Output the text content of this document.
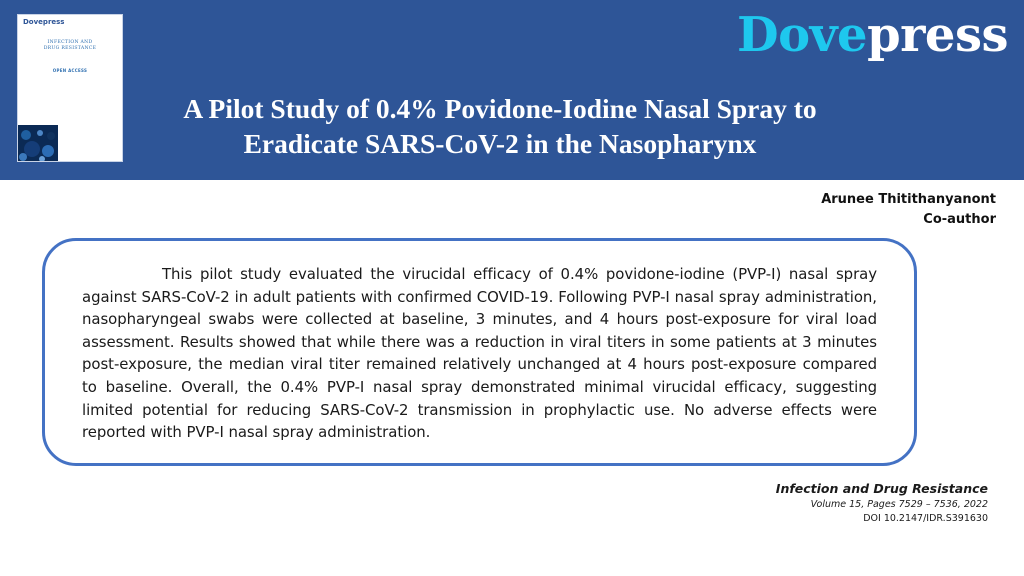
Dovepress
INFECTION AND
DRUG RESISTANCE
OPEN ACCESS
Dovepress
A Pilot Study of 0.4% Povidone-Iodine Nasal Spray to
Eradicate SARS-CoV-2 in the Nasopharynx
Arunee Thitithanyanont
Co-author

This pilot study evaluated the virucidal efficacy of 0.4% povidone-iodine (PVP-I) nasal spray against SARS-CoV-2 in adult patients with confirmed COVID-19. Following PVP-I nasal spray administration, nasopharyngeal swabs were collected at baseline, 3 minutes, and 4 hours post-exposure for viral load assessment. Results showed that while there was a reduction in viral titers in some patients at 3 minutes post-exposure, the median viral titer remained relatively unchanged at 4 hours post-exposure compared to baseline. Overall, the 0.4% PVP-I nasal spray demonstrated minimal virucidal efficacy, suggesting limited potential for reducing SARS-CoV-2 transmission in prophylactic use. No adverse effects were reported with PVP-I nasal spray administration.

Infection and Drug Resistance
Volume 15, Pages 7529 – 7536, 2022
DOI 10.2147/IDR.S391630
